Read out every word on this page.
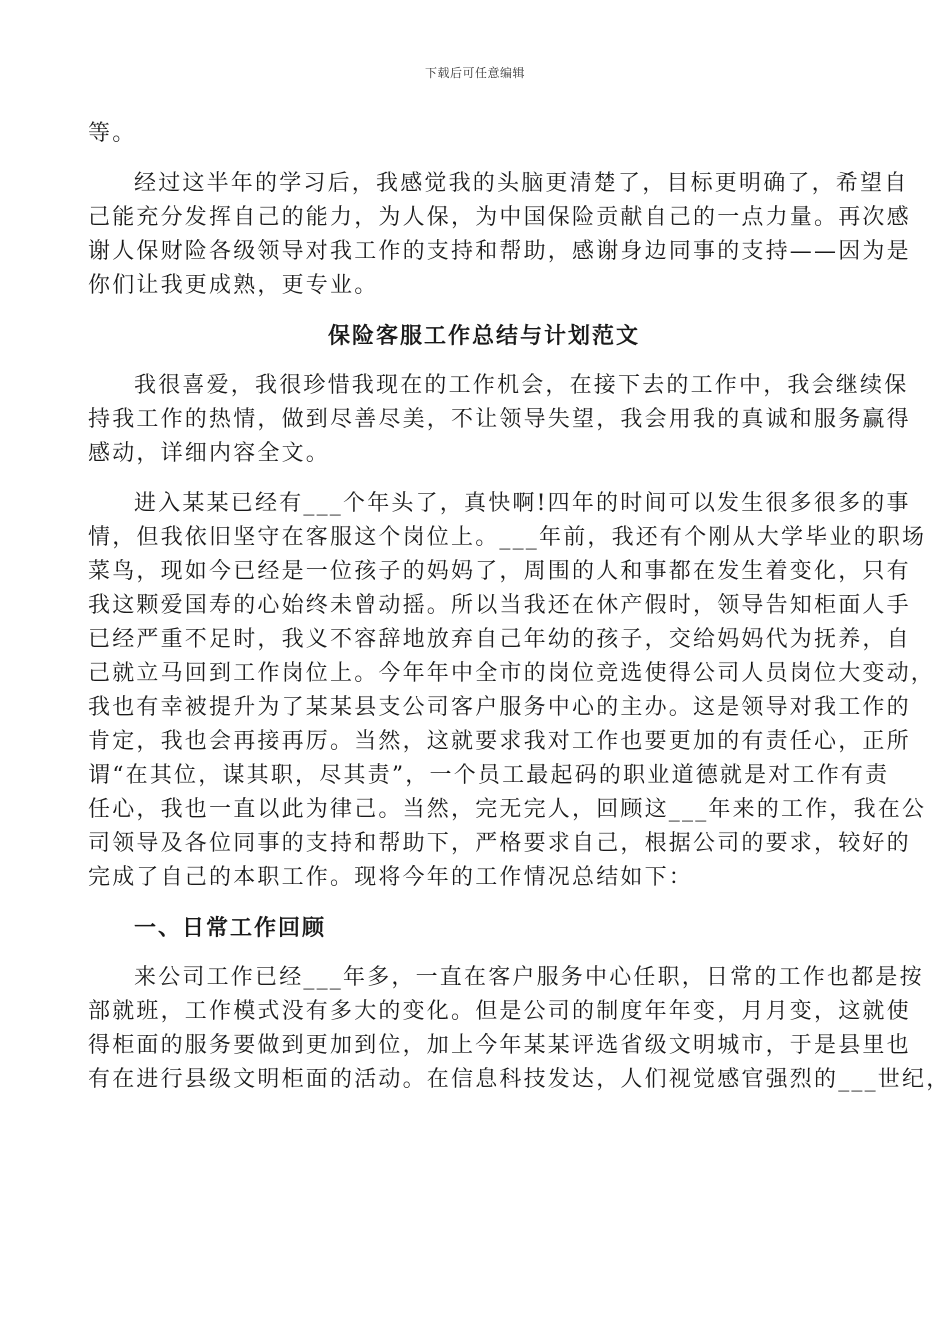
下载后可任意编辑
等。
经过这半年的学习后，我感觉我的头脑更清楚了，目标更明确了，希望自
己能充分发挥自己的能力，为人保，为中国保险贡献自己的一点力量。再次感
谢人保财险各级领导对我工作的支持和帮助，感谢身边同事的支持——因为是
你们让我更成熟，更专业。
保险客服工作总结与计划范文
我很喜爱，我很珍惜我现在的工作机会，在接下去的工作中，我会继续保
持我工作的热情，做到尽善尽美，不让领导失望，我会用我的真诚和服务赢得
感动，详细内容全文。
进入某某已经有___个年头了，真快啊!四年的时间可以发生很多很多的事
情，但我依旧坚守在客服这个岗位上。___年前，我还有个刚从大学毕业的职场
菜鸟，现如今已经是一位孩子的妈妈了，周围的人和事都在发生着变化，只有
我这颗爱国寿的心始终未曾动摇。所以当我还在休产假时，领导告知柜面人手
已经严重不足时，我义不容辞地放弃自己年幼的孩子，交给妈妈代为抚养，自
己就立马回到工作岗位上。今年年中全市的岗位竞选使得公司人员岗位大变动，
我也有幸被提升为了某某县支公司客户服务中心的主办。这是领导对我工作的
肯定，我也会再接再厉。当然，这就要求我对工作也要更加的有责任心，正所
谓“在其位，谋其职，尽其责”，一个员工最起码的职业道德就是对工作有责
任心，我也一直以此为律己。当然，完无完人，回顾这___年来的工作，我在公
司领导及各位同事的支持和帮助下，严格要求自己，根据公司的要求，较好的
完成了自己的本职工作。现将今年的工作情况总结如下：
一、日常工作回顾
来公司工作已经___年多，一直在客户服务中心任职，日常的工作也都是按
部就班，工作模式没有多大的变化。但是公司的制度年年变，月月变，这就使
得柜面的服务要做到更加到位，加上今年某某评选省级文明城市，于是县里也
有在进行县级文明柜面的活动。在信息科技发达，人们视觉感官强烈的___世纪，
